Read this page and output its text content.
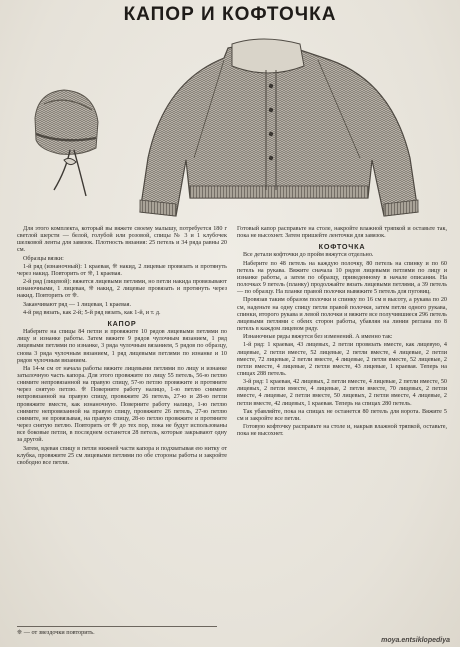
КАПОР И КОФТОЧКА

Для этого комплекта, который вы вяжете своему малышу, потребуется 180 г светлой шерсти — белой, голубой или розовой, спицы № 3 и 1 клубочек шелковой ленты для завязок. Плотность вязания: 25 петель и 34 ряда равны 20 см.

Образцы вязки:

1-й ряд (изнаночный): 1 краевая, ❊ накид, 2 лицевые провязать и протянуть через накид. Повторить от ❊, 1 краевая.

2-й ряд (лицевой): вяжется лицевыми петлями, но петли накида провязывают изнаночными, 1 лицевая, ❊ накид, 2 лицевые провязать и протянуть через накид. Повторить от ❊.

Заканчивают ряд — 1 лицевая, 1 краевая.

4-й ряд вязать, как 2-й; 5-й ряд вязать, как 1-й, и т. д.

КАПОР

Наберите на спицы 84 петли и провяжите 10 рядов лицевыми петлями по лицу и изнанке работы. Затем вяжите 9 рядов чулочным вязанием, 1 ряд лицевыми петлями по изнанке, 3 ряда чулочным вязанием, 5 рядов по образцу, снова 3 ряда чулочным вязанием, 1 ряд лицевыми петлями по изнанке и 10 рядов чулочным вязанием.

На 14-м см от начала работы вяжите лицевыми петлями по лицу и изнанке затылочную часть капора. Для этого провяжите по лицу 55 петель, 56-ю петлю снимите непровязанной на правую спицу, 57-ю петлю провяжите и протяните через снятую петлю. ❊ Поверните работу налицо, 1-ю петлю снимите непровязанной на правую спицу, провяжите 26 петель, 27-ю и 28-ю петли провяжите вместе, как изнаночную. Поверните работу налицо, 1-ю петлю снимите непровязанной на правую спицу, провяжите 26 петель, 27-ю петлю снимите, не провязывая, на правую спицу, 28-ю петлю провяжите и протяните через снятую петлю. Повторить от ❊ до тех пор, пока не будут использованы все боковые петли, в последнем останется 28 петель, которые закрывают одну за другой.

Затем, вдевая спицу в петли нижней части капора и подхватывая ею нитку от клубка, провяжите 25 см лицевыми петлями по обе стороны работы и закройте свободно все петли.

Готовый капор расправьте на столе, накройте влажной тряпкой и оставьте так, пока не высохнет. Затем пришейте ленточки для завязок.

КОФТОЧКА

Все детали кофточки до пройм вяжутся отдельно.

Наберите по 48 петель на каждую полочку, 80 петель на спинку и по 60 петель на рукава. Вяжите сначала 10 рядов лицевыми петлями по лицу и изнанке работы, а затем по образцу, приведенному в начале описания. На полочках 9 петель (планку) продолжайте вязать лицевыми петлями, а 39 петель — по образцу. На планке правой полочки вывяжите 5 петель для пуговиц.

Провязав таким образом полочки и спинку по 16 см в высоту, а рукава по 20 см, наденьте на одну спицу петли правой полочки, затем петли одного рукава, спинки, второго рукава и левой полочки и вяжите все получившиеся 296 петель лицевыми петлями с обеих сторон работы, убавляя на линии реглана по 8 петель в каждом лицевом ряду.

Изнаночные ряды вяжутся без изменений. А именно так:

1-й ряд: 1 краевая, 43 лицевых, 2 петли провязать вместе, как лицевую, 4 лицевые, 2 петли вместе, 52 лицевые, 2 петли вместе, 4 лицевые, 2 петли вместе, 72 лицевые, 2 петли вместе, 4 лицевые, 2 петли вместе, 52 лицевые, 2 петли вместе, 4 лицевые, 2 петли вместе, 43 лицевые, 1 краевая. Теперь на спицах 288 петель.

3-й ряд: 1 краевая, 42 лицевых, 2 петли вместе, 4 лицевые, 2 петли вместе, 50 лицевых, 2 петли вместе, 4 лицевые, 2 петли вместе, 70 лицевых, 2 петли вместе, 4 лицевые, 2 петли вместе, 50 лицевых, 2 петли вместе, 4 лицевые, 2 петли вместе, 42 лицевых, 1 краевая. Теперь на спицах 280 петель.

Так убавляйте, пока на спицах не останется 80 петель для ворота. Вяжите 5 см и закройте все петли.

Готовую кофточку расправьте на столе и, накрыв влажной тряпкой, оставьте, пока не высохнет.

❊ — от звездочки повторить.
moya.entsiklopediya
